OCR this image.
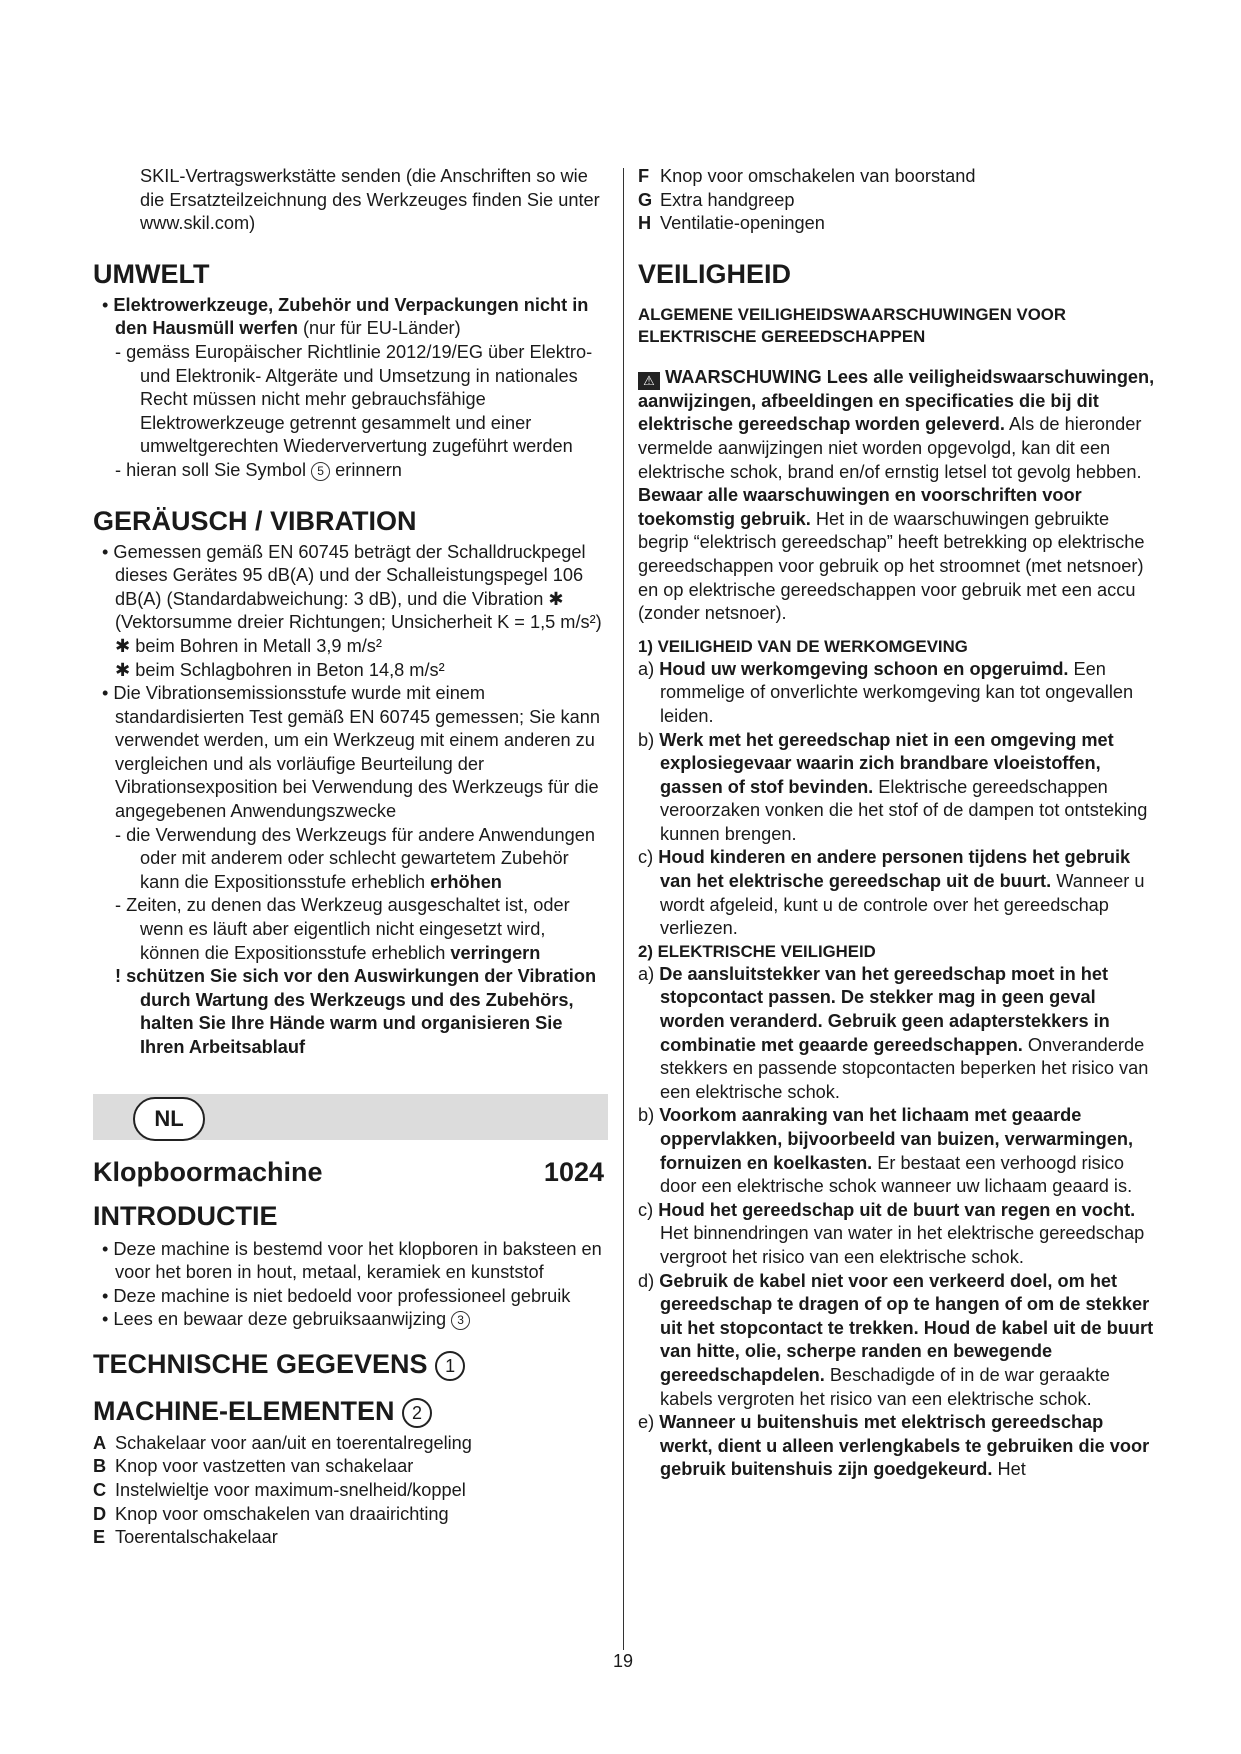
SKIL-Vertragswerkstätte senden (die Anschriften so wie die Ersatzteilzeichnung des Werkzeuges finden Sie unter www.skil.com)

UMWELT

• Elektrowerkzeuge, Zubehör und Verpackungen nicht in den Hausmüll werfen (nur für EU-Länder)

- gemäss Europäischer Richtlinie 2012/19/EG über Elektro- und Elektronik- Altgeräte und Umsetzung in nationales Recht müssen nicht mehr gebrauchsfähige Elektrowerkzeuge getrennt gesammelt und einer umweltgerechten Wiederververtung zugeführt werden

- hieran soll Sie Symbol 5 erinnern

GERÄUSCH / VIBRATION

• Gemessen gemäß EN 60745 beträgt der Schalldruckpegel dieses Gerätes 95 dB(A) und der Schalleistungspegel 106 dB(A) (Standardabweichung: 3 dB), und die Vibration ✱ (Vektorsumme dreier Richtungen; Unsicherheit K = 1,5 m/s²)

✱ beim Bohren in Metall 3,9 m/s²

✱ beim Schlagbohren in Beton 14,8 m/s²

• Die Vibrationsemissionsstufe wurde mit einem standardisierten Test gemäß EN 60745 gemessen; Sie kann verwendet werden, um ein Werkzeug mit einem anderen zu vergleichen und als vorläufige Beurteilung der Vibrationsexposition bei Verwendung des Werkzeugs für die angegebenen Anwendungszwecke

- die Verwendung des Werkzeugs für andere Anwendungen oder mit anderem oder schlecht gewartetem Zubehör kann die Expositionsstufe erheblich erhöhen

- Zeiten, zu denen das Werkzeug ausgeschaltet ist, oder wenn es läuft aber eigentlich nicht eingesetzt wird, können die Expositionsstufe erheblich verringern

! schützen Sie sich vor den Auswirkungen der Vibration durch Wartung des Werkzeugs und des Zubehörs, halten Sie Ihre Hände warm und organisieren Sie Ihren Arbeitsablauf

NL
Klopboormachine	1024
INTRODUCTIE

• Deze machine is bestemd voor het klopboren in baksteen en voor het boren in hout, metaal, keramiek en kunststof

• Deze machine is niet bedoeld voor professioneel gebruik

• Lees en bewaar deze gebruiksaanwijzing 3

TECHNISCHE GEGEVENS 1
MACHINE-ELEMENTEN 2

A Schakelaar voor aan/uit en toerentalregeling

B Knop voor vastzetten van schakelaar

C Instelwieltje voor maximum-snelheid/koppel

D Knop voor omschakelen van draairichting

E Toerentalschakelaar

F Knop voor omschakelen van boorstand

G Extra handgreep

H Ventilatie-openingen

VEILIGHEID

ALGEMENE VEILIGHEIDSWAARSCHUWINGEN VOOR ELEKTRISCHE GEREEDSCHAPPEN

⚠ WAARSCHUWING Lees alle veiligheidswaarschuwingen, aanwijzingen, afbeeldingen en specificaties die bij dit elektrische gereedschap worden geleverd. Als de hieronder vermelde aanwijzingen niet worden opgevolgd, kan dit een elektrische schok, brand en/of ernstig letsel tot gevolg hebben. Bewaar alle waarschuwingen en voorschriften voor toekomstig gebruik. Het in de waarschuwingen gebruikte begrip “elektrisch gereedschap” heeft betrekking op elektrische gereedschappen voor gebruik op het stroomnet (met netsnoer) en op elektrische gereedschappen voor gebruik met een accu (zonder netsnoer).

1) VEILIGHEID VAN DE WERKOMGEVING

a) Houd uw werkomgeving schoon en opgeruimd. Een rommelige of onverlichte werkomgeving kan tot ongevallen leiden.

b) Werk met het gereedschap niet in een omgeving met explosiegevaar waarin zich brandbare vloeistoffen, gassen of stof bevinden. Elektrische gereedschappen veroorzaken vonken die het stof of de dampen tot ontsteking kunnen brengen.

c) Houd kinderen en andere personen tijdens het gebruik van het elektrische gereedschap uit de buurt. Wanneer u wordt afgeleid, kunt u de controle over het gereedschap verliezen.

2) ELEKTRISCHE VEILIGHEID

a) De aansluitstekker van het gereedschap moet in het stopcontact passen. De stekker mag in geen geval worden veranderd. Gebruik geen adapterstekkers in combinatie met geaarde gereedschappen. Onveranderde stekkers en passende stopcontacten beperken het risico van een elektrische schok.

b) Voorkom aanraking van het lichaam met geaarde oppervlakken, bijvoorbeeld van buizen, verwarmingen, fornuizen en koelkasten. Er bestaat een verhoogd risico door een elektrische schok wanneer uw lichaam geaard is.

c) Houd het gereedschap uit de buurt van regen en vocht. Het binnendringen van water in het elektrische gereedschap vergroot het risico van een elektrische schok.

d) Gebruik de kabel niet voor een verkeerd doel, om het gereedschap te dragen of op te hangen of om de stekker uit het stopcontact te trekken. Houd de kabel uit de buurt van hitte, olie, scherpe randen en bewegende gereedschapdelen. Beschadigde of in de war geraakte kabels vergroten het risico van een elektrische schok.

e) Wanneer u buitenshuis met elektrisch gereedschap werkt, dient u alleen verlengkabels te gebruiken die voor gebruik buitenshuis zijn goedgekeurd. Het

19
